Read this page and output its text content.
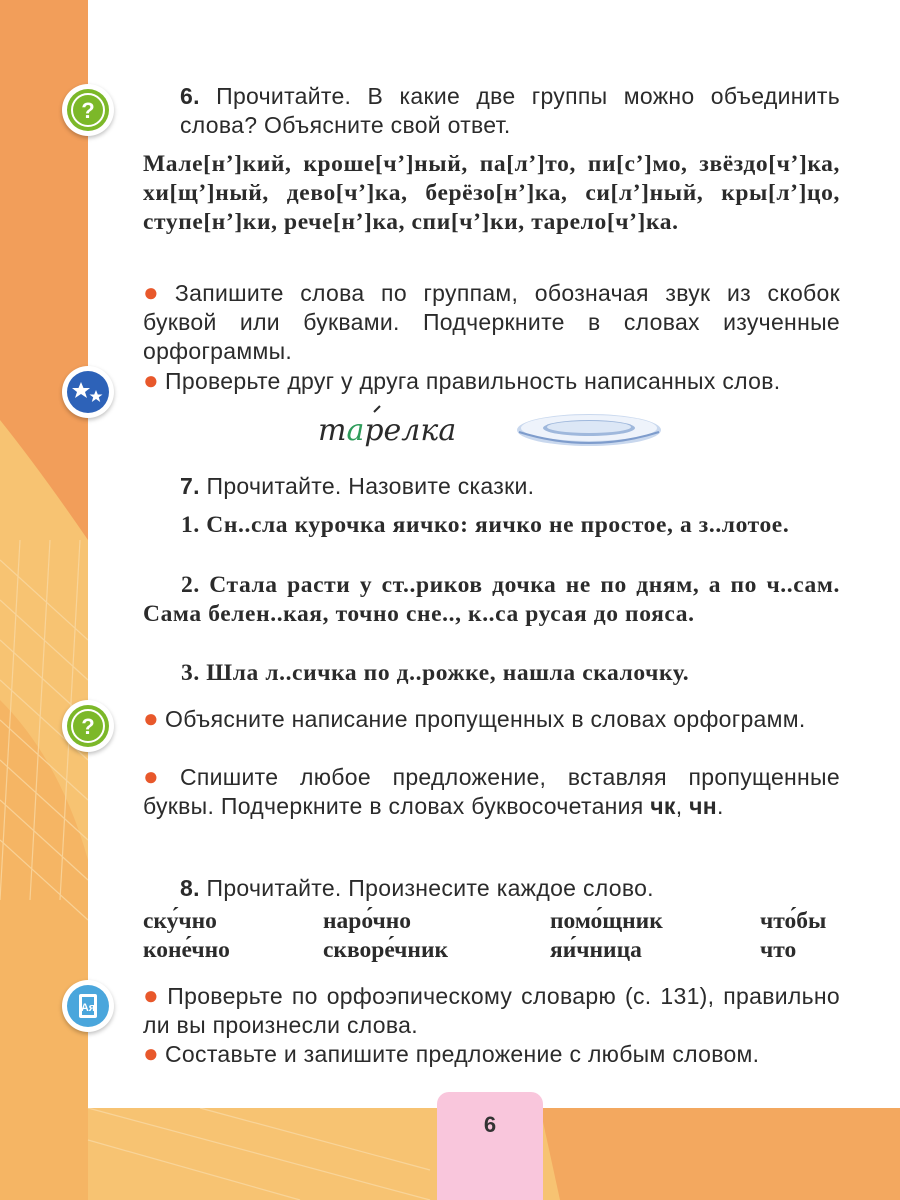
?
?
Aя
6. Прочитайте. В какие две группы можно объединить слова? Объясните свой ответ.
Мале[н’]кий, кроше[ч’]ный, па[л’]то, пи[с’]мо, звёздо[ч’]ка, хи[щ’]ный, дево[ч’]ка, берёзо[н’]ка, си[л’]ный, кры[л’]цо, ступе[н’]ки, рече[н’]ка, спи[ч’]ки, тарело[ч’]ка.
● Запишите слова по группам, обозначая звук из скобок буквой или буквами. Подчеркните в словах изученные орфограммы.
● Проверьте друг у друга правильность написанных слов.
тарелка
7. Прочитайте. Назовите сказки.
1. Сн..сла курочка яичко: яичко не простое, а з..лотое.
2. Стала расти у ст..риков дочка не по дням, а по ч..сам. Сама белен..кая, точно сне.., к..са русая до пояса.
3. Шла л..сичка по д..рожке, нашла скалочку.
● Объясните написание пропущенных в словах орфограмм.
● Спишите любое предложение, вставляя пропущенные буквы. Подчеркните в словах буквосочетания чк, чн.
8. Прочитайте. Произнесите каждое слово.
ску́чно	наро́чно	помо́щник	что́бы
коне́чно	скворе́чник	яи́чница	что
● Проверьте по орфоэпическому словарю (с. 131), правильно ли вы произнесли слова.
● Составьте и запишите предложение с любым словом.
6
